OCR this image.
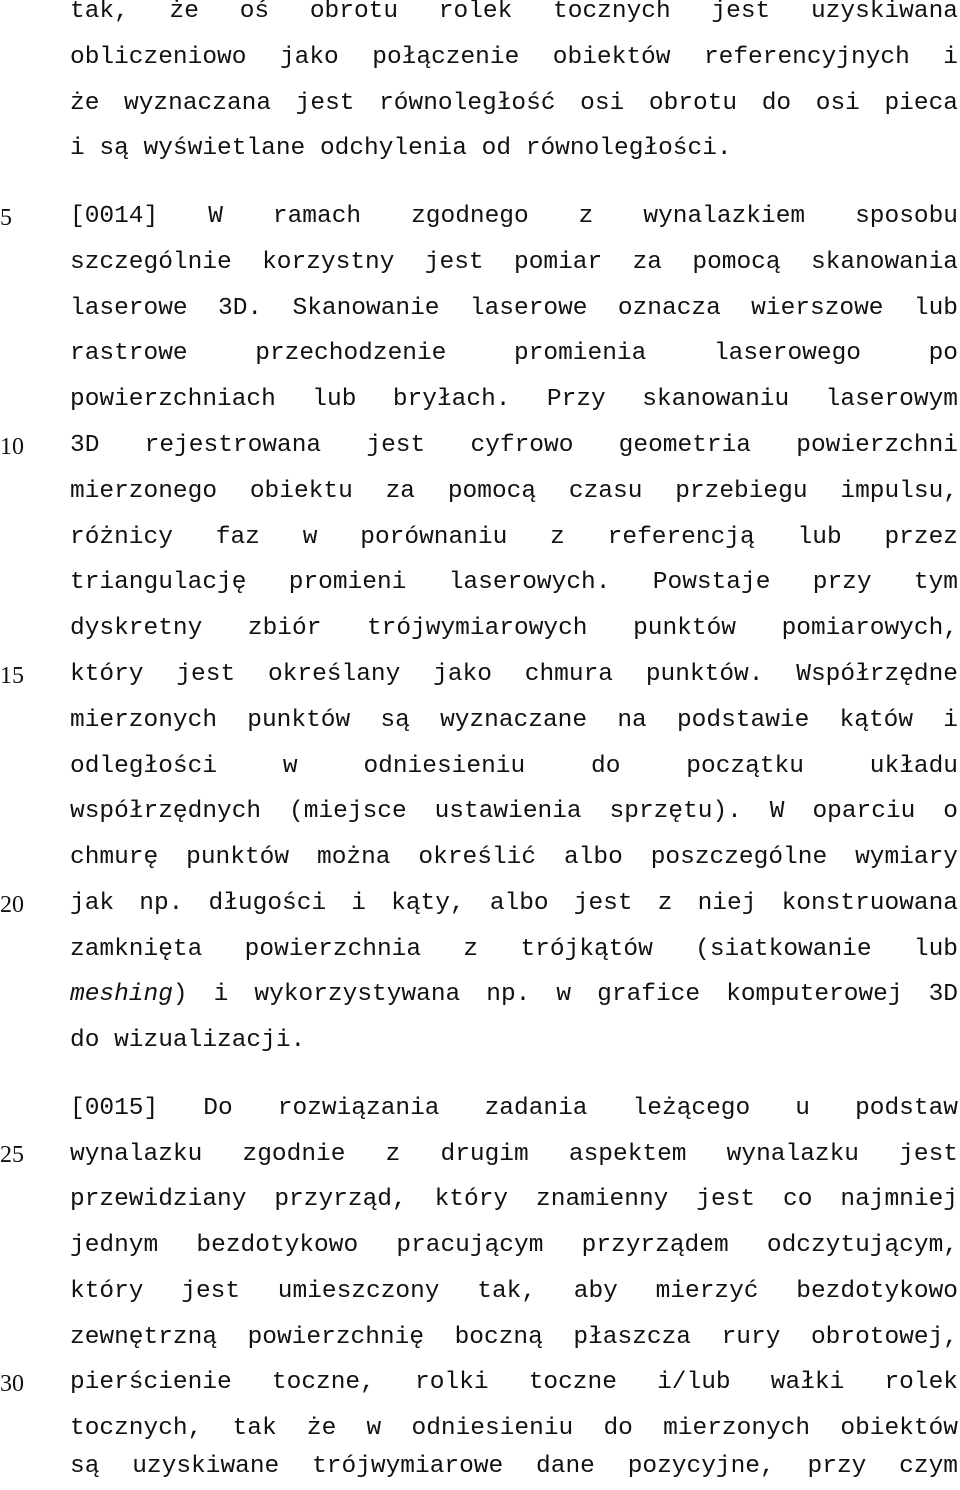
5
10
15
20
25
30
tak, że oś obrotu rolek tocznych jest uzyskiwana
obliczeniowo jako połączenie obiektów referencyjnych i
że wyznaczana jest równoległość osi obrotu do osi pieca
i są wyświetlane odchylenia od równoległości.
[0014] W ramach zgodnego z wynalazkiem sposobu
szczególnie korzystny jest pomiar za pomocą skanowania
laserowe 3D. Skanowanie laserowe oznacza wierszowe lub
rastrowe przechodzenie promienia laserowego po
powierzchniach lub bryłach. Przy skanowaniu laserowym
3D rejestrowana jest cyfrowo geometria powierzchni
mierzonego obiektu za pomocą czasu przebiegu impulsu,
różnicy faz w porównaniu z referencją lub przez
triangulację promieni laserowych. Powstaje przy tym
dyskretny zbiór trójwymiarowych punktów pomiarowych,
który jest określany jako chmura punktów. Współrzędne
mierzonych punktów są wyznaczane na podstawie kątów i
odległości w odniesieniu do początku układu
współrzędnych (miejsce ustawienia sprzętu). W oparciu o
chmurę punktów można określić albo poszczególne wymiary
jak np. długości i kąty, albo jest z niej konstruowana
zamknięta powierzchnia z trójkątów (siatkowanie lub
meshing) i wykorzystywana np. w grafice komputerowej 3D
do wizualizacji.
[0015] Do rozwiązania zadania leżącego u podstaw
wynalazku zgodnie z drugim aspektem wynalazku jest
przewidziany przyrząd, który znamienny jest co najmniej
jednym bezdotykowo pracującym przyrządem odczytującym,
który jest umieszczony tak, aby mierzyć bezdotykowo
zewnętrzną powierzchnię boczną płaszcza rury obrotowej,
pierścienie toczne, rolki toczne i/lub wałki rolek
tocznych, tak że w odniesieniu do mierzonych obiektów
są uzyskiwane trójwymiarowe dane pozycyjne, przy czym
